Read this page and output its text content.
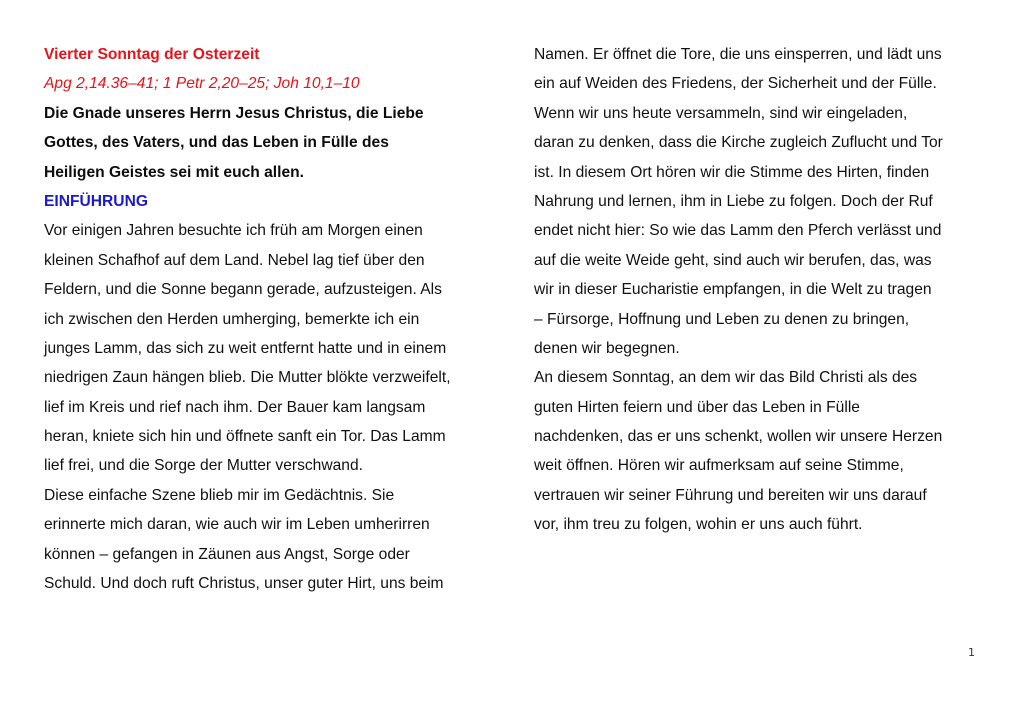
Vierter Sonntag der Osterzeit
Apg 2,14.36–41; 1 Petr 2,20–25; Joh 10,1–10
Die Gnade unseres Herrn Jesus Christus, die Liebe
Gottes, des Vaters, und das Leben in Fülle des
Heiligen Geistes sei mit euch allen.
EINFÜHRUNG
Vor einigen Jahren besuchte ich früh am Morgen einen
kleinen Schafhof auf dem Land. Nebel lag tief über den
Feldern, und die Sonne begann gerade, aufzusteigen. Als
ich zwischen den Herden umherging, bemerkte ich ein
junges Lamm, das sich zu weit entfernt hatte und in einem
niedrigen Zaun hängen blieb. Die Mutter blökte verzweifelt,
lief im Kreis und rief nach ihm. Der Bauer kam langsam
heran, kniete sich hin und öffnete sanft ein Tor. Das Lamm
lief frei, und die Sorge der Mutter verschwand.
Diese einfache Szene blieb mir im Gedächtnis. Sie
erinnerte mich daran, wie auch wir im Leben umherirren
können – gefangen in Zäunen aus Angst, Sorge oder
Schuld. Und doch ruft Christus, unser guter Hirt, uns beim
Namen. Er öffnet die Tore, die uns einsperren, und lädt uns
ein auf Weiden des Friedens, der Sicherheit und der Fülle.
Wenn wir uns heute versammeln, sind wir eingeladen,
daran zu denken, dass die Kirche zugleich Zuflucht und Tor
ist. In diesem Ort hören wir die Stimme des Hirten, finden
Nahrung und lernen, ihm in Liebe zu folgen. Doch der Ruf
endet nicht hier: So wie das Lamm den Pferch verlässt und
auf die weite Weide geht, sind auch wir berufen, das, was
wir in dieser Eucharistie empfangen, in die Welt zu tragen
– Fürsorge, Hoffnung und Leben zu denen zu bringen,
denen wir begegnen.
An diesem Sonntag, an dem wir das Bild Christi als des
guten Hirten feiern und über das Leben in Fülle
nachdenken, das er uns schenkt, wollen wir unsere Herzen
weit öffnen. Hören wir aufmerksam auf seine Stimme,
vertrauen wir seiner Führung und bereiten wir uns darauf
vor, ihm treu zu folgen, wohin er uns auch führt.
1
